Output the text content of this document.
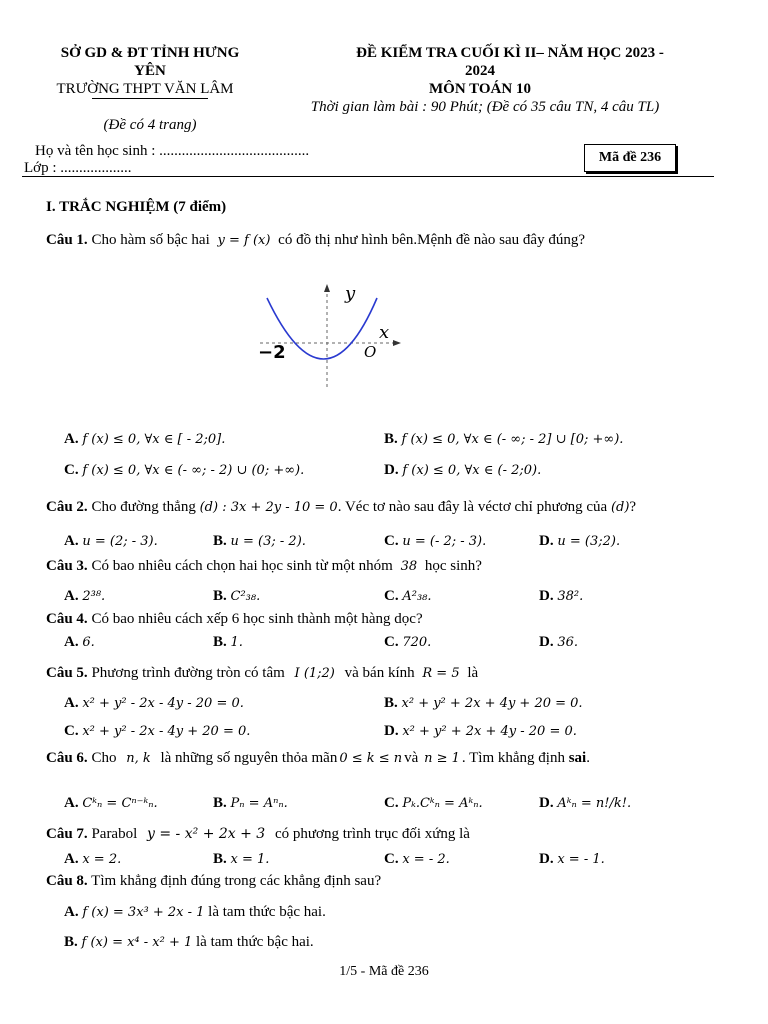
SỞ GD & ĐT TỈNH HƯNG
YÊN
TRƯỜNG THPT VĂN LÂM
(Đề có 4 trang)
ĐỀ KIỂM TRA CUỐI KÌ II– NĂM HỌC 2023 -
2024
MÔN TOÁN 10
Thời gian làm bài : 90 Phút; (Đề có 35 câu TN, 4 câu TL)
Họ và tên học sinh : ........................................
Lớp : ...................
Mã đề 236
I. TRẮC NGHIỆM (7 điểm)
Câu 1. Cho hàm số bậc hai y = f (x) có đồ thị như hình bên.Mệnh đề nào sau đây đúng?
y
x
O
−2
A. f (x) ≤ 0, ∀x ∈ [ - 2;0].	B. f (x) ≤ 0, ∀x ∈ (- ∞; - 2] ∪ [0; +∞).
C. f (x) ≤ 0, ∀x ∈ (- ∞; - 2) ∪ (0; +∞).	D. f (x) ≤ 0, ∀x ∈ (- 2;0).
Câu 2. Cho đường thẳng (d) : 3x + 2y - 10 = 0. Véc tơ nào sau đây là véctơ chỉ phương của (d)?
A. u = (2; - 3).	B. u = (3; - 2).	C. u = (- 2; - 3).	D. u = (3;2).
Câu 3. Có bao nhiêu cách chọn hai học sinh từ một nhóm 38 học sinh?
A. 2³⁸.	B. C²₃₈.	C. A²₃₈.	D. 38².
Câu 4. Có bao nhiêu cách xếp 6 học sinh thành một hàng dọc?
A. 6.	B. 1.	C. 720.	D. 36.
Câu 5. Phương trình đường tròn có tâm I (1;2) và bán kính R = 5 là
A. x² + y² - 2x - 4y - 20 = 0.	B. x² + y² + 2x + 4y + 20 = 0.
C. x² + y² - 2x - 4y + 20 = 0.	D. x² + y² + 2x + 4y - 20 = 0.
Câu 6. Cho n, k là những số nguyên thỏa mãn 0 ≤ k ≤ n và n ≥ 1 . Tìm khẳng định sai.
A. Cᵏₙ = Cⁿ⁻ᵏₙ.	B. Pₙ = Aⁿₙ.	C. Pₖ.Cᵏₙ = Aᵏₙ.	D. Aᵏₙ = n!/k!.
Câu 7. Parabol y = - x² + 2x + 3 có phương trình trục đối xứng là
A. x = 2.	B. x = 1.	C. x = - 2.	D. x = - 1.
Câu 8. Tìm khẳng định đúng trong các khẳng định sau?
A. f (x) = 3x³ + 2x - 1 là tam thức bậc hai.
B. f (x) = x⁴ - x² + 1 là tam thức bậc hai.
1/5 - Mã đề 236
